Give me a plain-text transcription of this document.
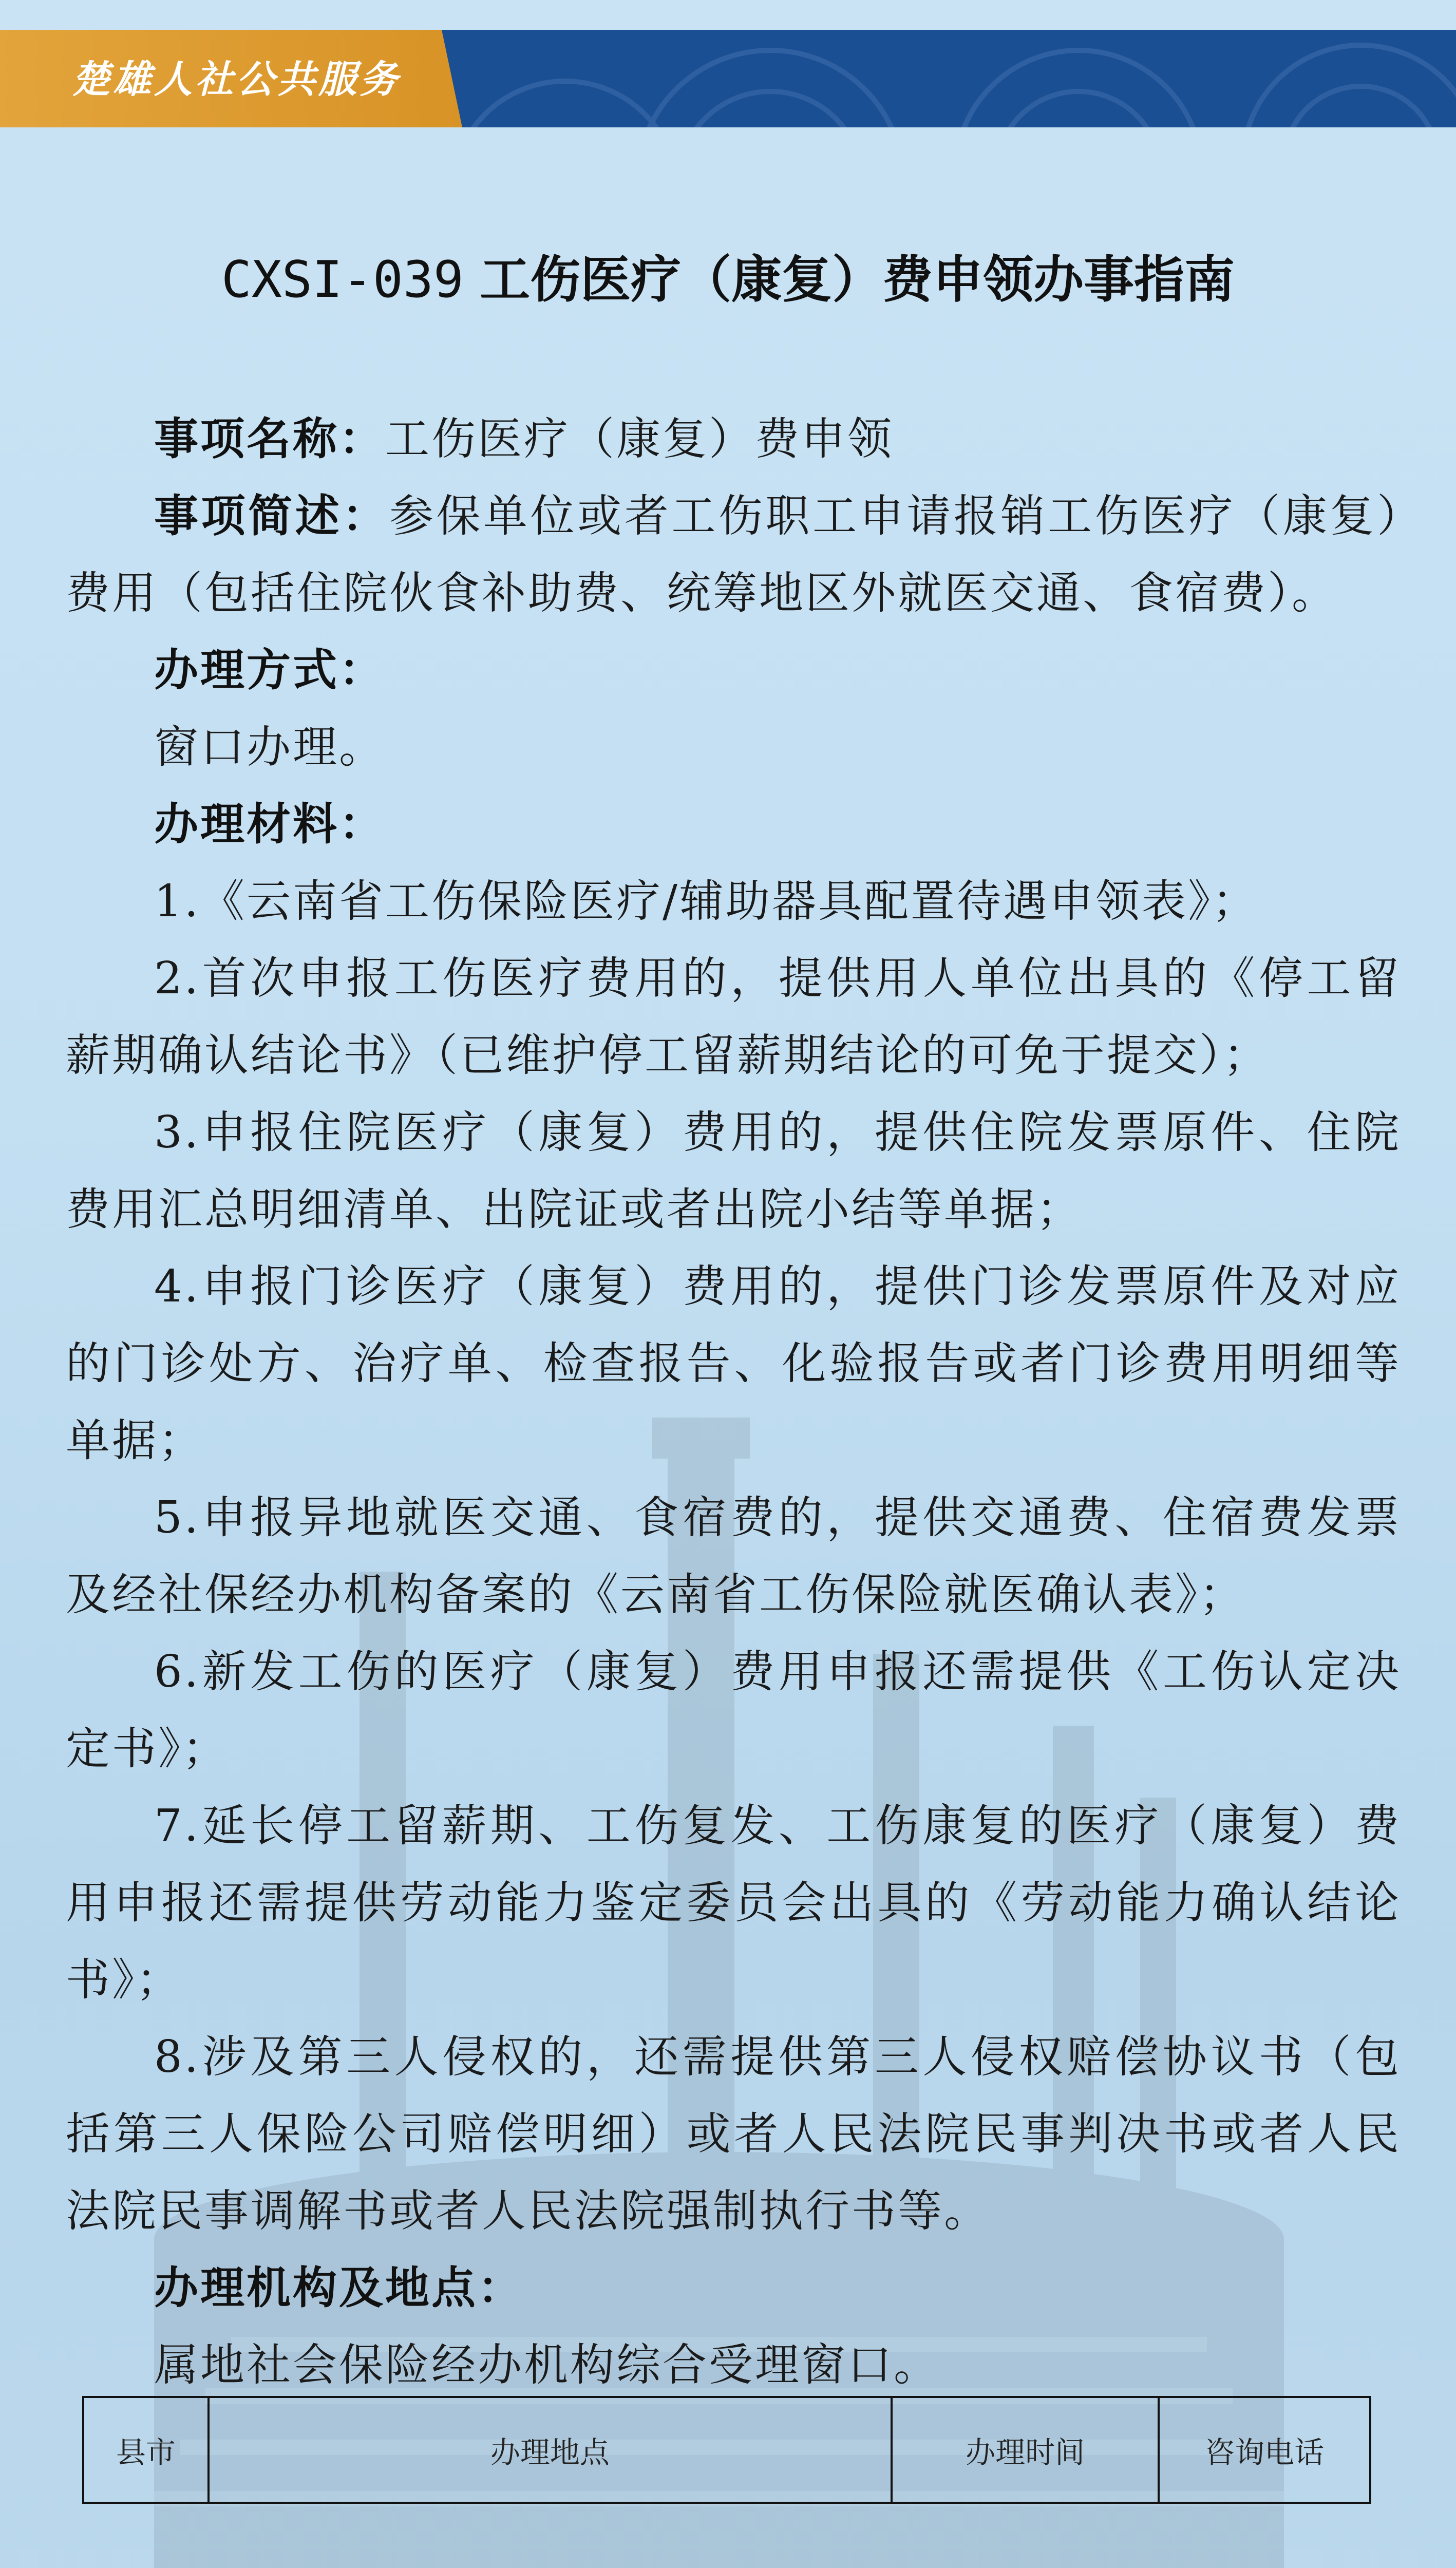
楚雄人社公共服务
CXSI-039 工伤医疗（康复）费申领办事指南

事项名称：工伤医疗（康复）费申领

事项简述：参保单位或者工伤职工申请报销工伤医疗（康复）费用（包括住院伙食补助费、统筹地区外就医交通、食宿费）。

办理方式：

窗口办理。

办理材料：

1.《云南省工伤保险医疗/辅助器具配置待遇申领表》；

2.首次申报工伤医疗费用的，提供用人单位出具的《停工留薪期确认结论书》（已维护停工留薪期结论的可免于提交）；

3.申报住院医疗（康复）费用的，提供住院发票原件、住院费用汇总明细清单、出院证或者出院小结等单据；

4.申报门诊医疗（康复）费用的，提供门诊发票原件及对应的门诊处方、治疗单、检查报告、化验报告或者门诊费用明细等单据；

5.申报异地就医交通、食宿费的，提供交通费、住宿费发票及经社保经办机构备案的《云南省工伤保险就医确认表》；

6.新发工伤的医疗（康复）费用申报还需提供《工伤认定决定书》；

7.延长停工留薪期、工伤复发、工伤康复的医疗（康复）费用申报还需提供劳动能力鉴定委员会出具的《劳动能力确认结论书》；

8.涉及第三人侵权的，还需提供第三人侵权赔偿协议书（包括第三人保险公司赔偿明细）或者人民法院民事判决书或者人民法院民事调解书或者人民法院强制执行书等。

办理机构及地点：

属地社会保险经办机构综合受理窗口。

县市	办理地点	办理时间	咨询电话
